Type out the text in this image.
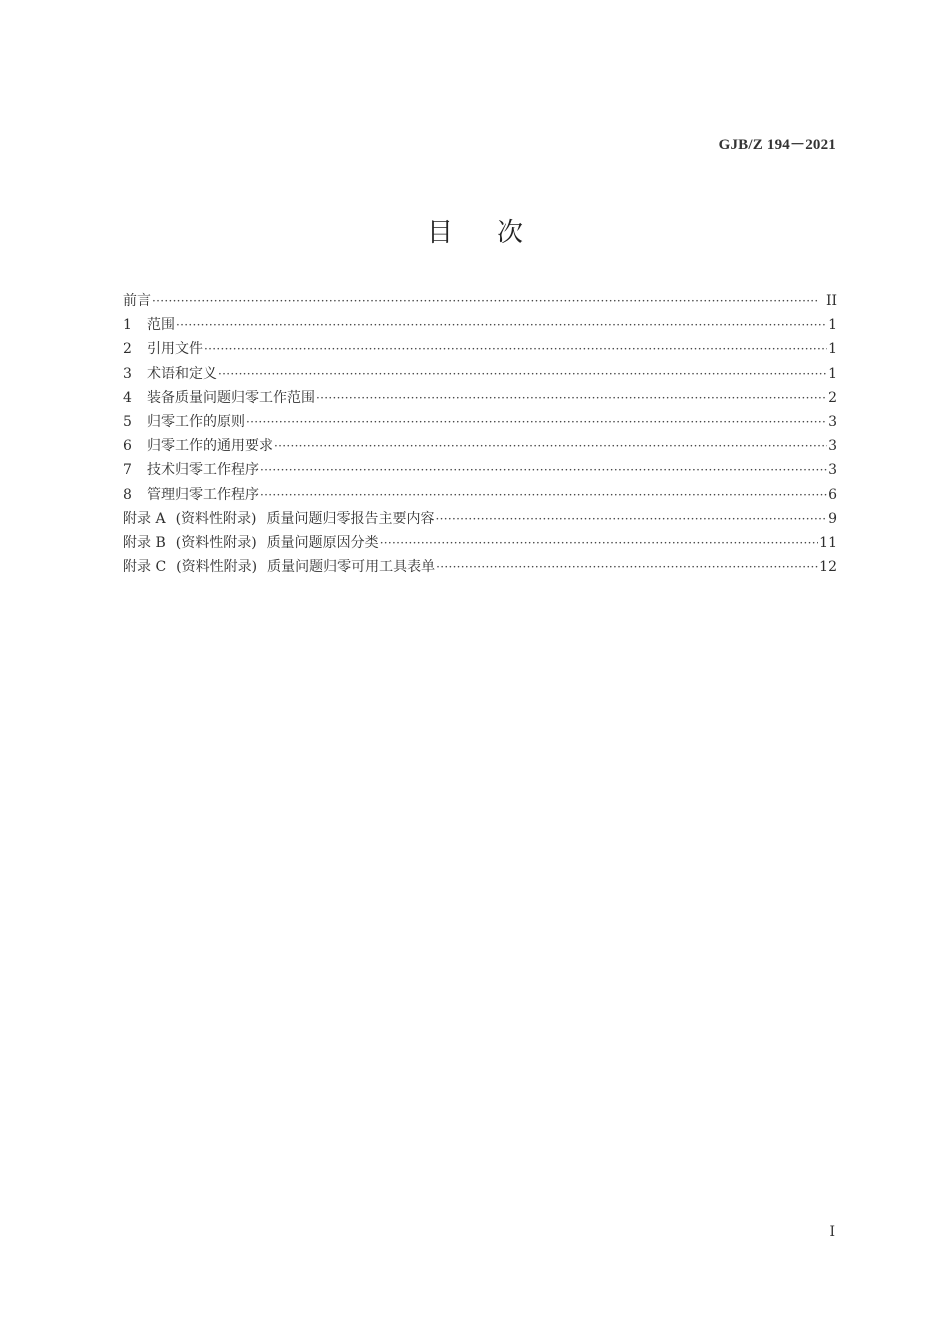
GJB/Z 194－2021
目 次
前言 ·····	II
1	范围 ·····	1
2	引用文件 ·····	1
3	术语和定义 ·····	1
4	装备质量问题归零工作范围 ·····	2
5	归零工作的原则 ·····	3
6	归零工作的通用要求 ·····	3
7	技术归零工作程序 ·····	3
8	管理归零工作程序 ·····	6
附录 A (资料性附录) 质量问题归零报告主要内容 ·····	9
附录 B (资料性附录) 质量问题原因分类 ·····	11
附录 C (资料性附录) 质量问题归零可用工具表单 ·····	12
I
